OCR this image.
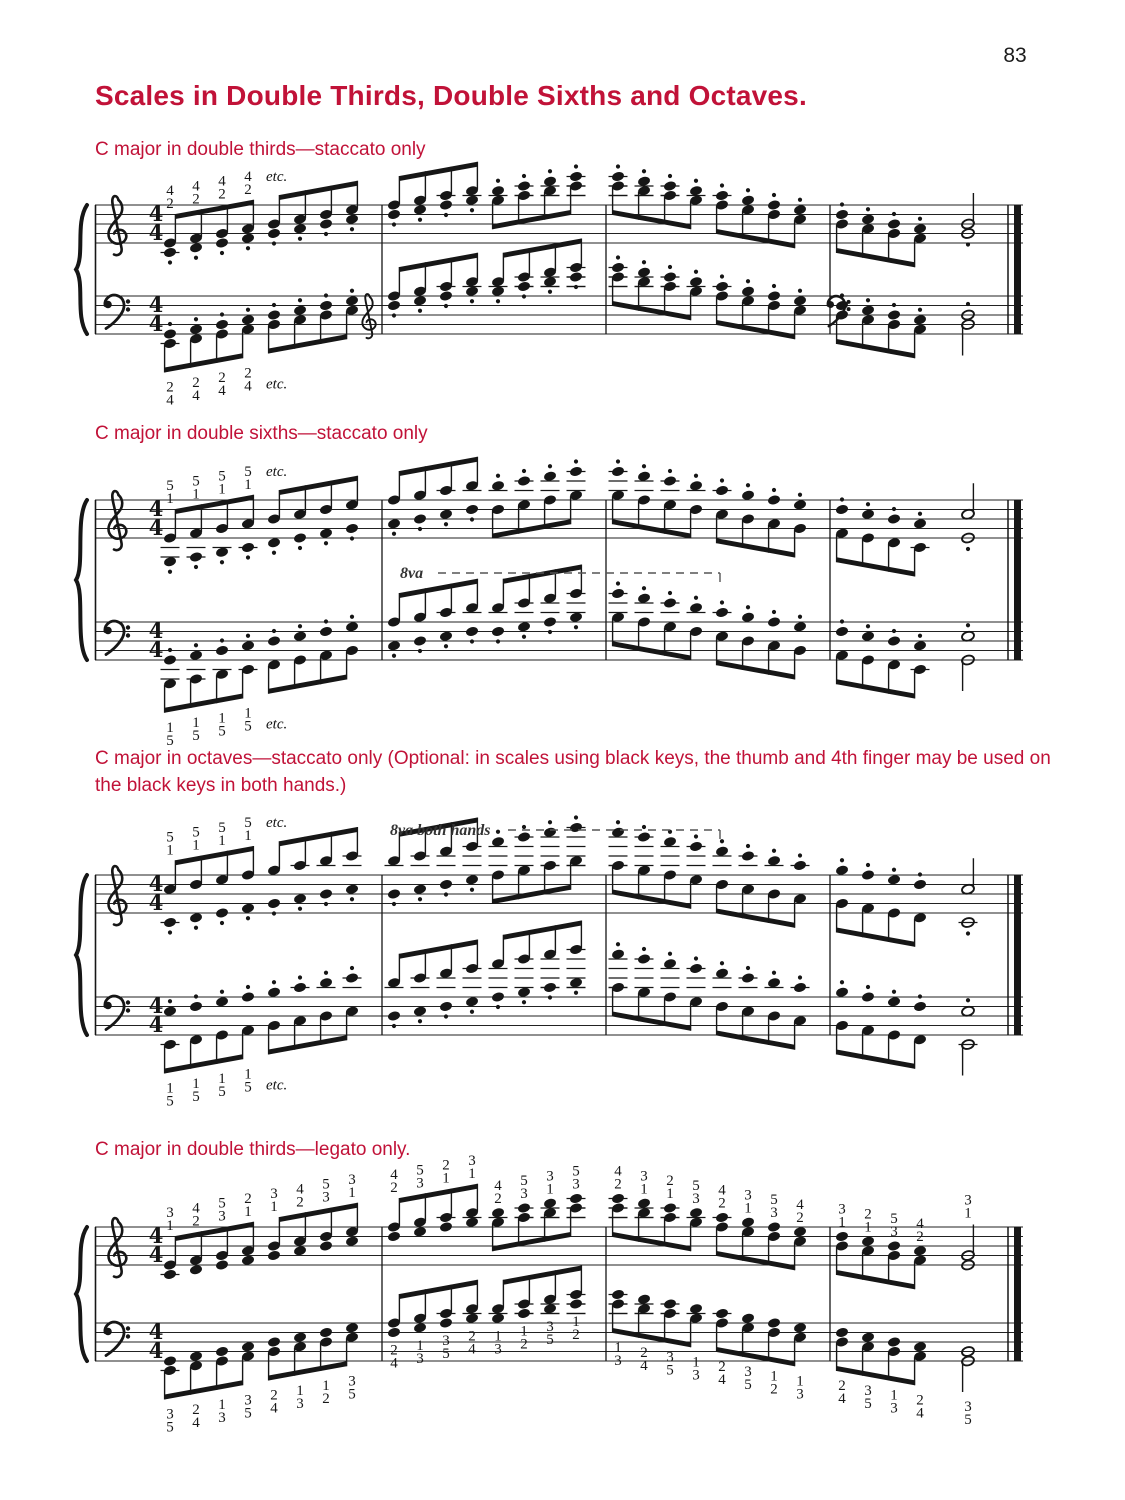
83
Scales in Double Thirds, Double Sixths and Octaves.
C major in double thirds—staccato only
4
4
4
4
4
2
4
2
4
2
4
2
etc.
2
4
2
4
2
4
2
4 etc.
C major in double sixths—staccato only
4
4
4
4
8va
5
1
5
1
5
1
5
1
etc.
1
5
1
5
1
5
1
5 etc.
C major in octaves—staccato only (Optional: in scales using black keys, the thumb and 4th finger may be used on the black keys in both hands.)
4
4
4
4
8va both hands
5
1
5
1
5
1
5
1
etc.
1
5
1
5
1
5
1
5 etc.
C major in double thirds—legato only.
4
4
4
4
3
1
4
2
5
3
2
1
3
1
4
2
5
3
3
1
4
2
5
3
2
1
3
1
4
2
5
3
3
1
5
3
4
2
3
1
2
1
5
3
4
2
3
1
5
3
4
2
3
1
2
1
5
3
4
2
3
1
3
5
2
4
1
3
3
5
2
4
1
3
1
2
3
5
2
4
1
3
3
5
2
4
1
3
1
2
3
5
1
2
1
3
2
4
3
5
1
3
2
4
3
5
1
2
1
3
2
4
3
5
1
3
2
4	3
5
